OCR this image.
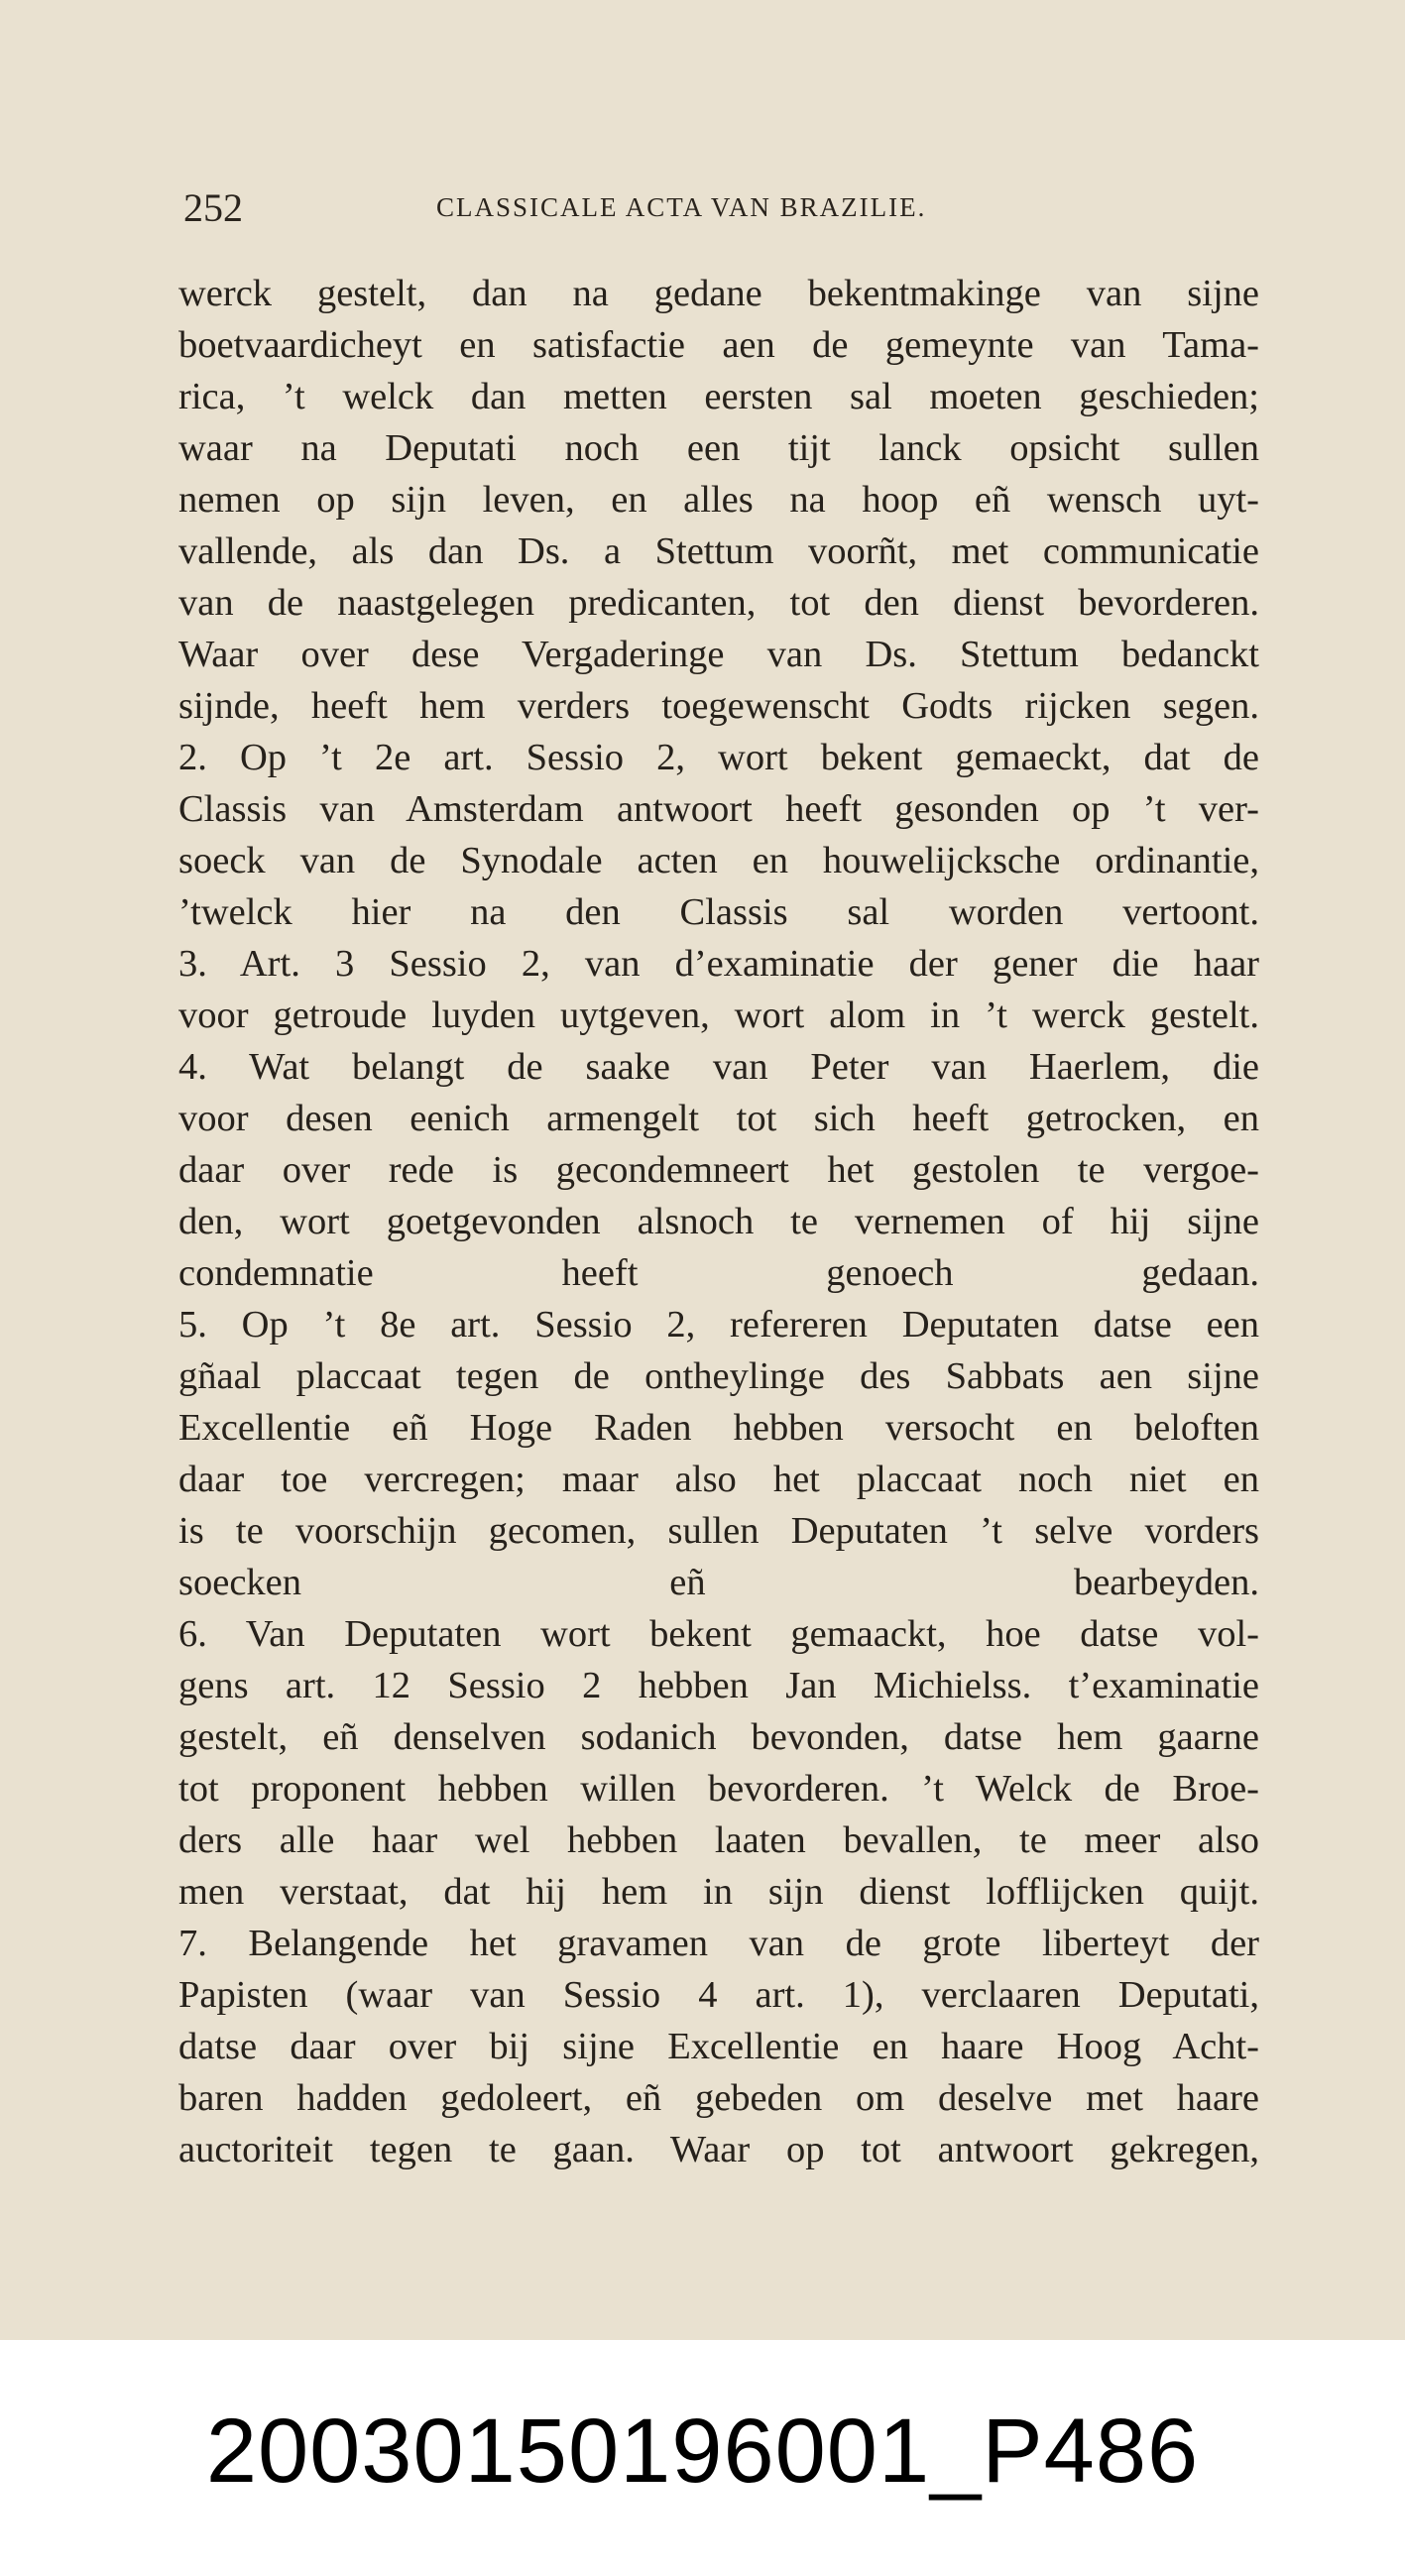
252	CLASSICALE ACTA VAN BRAZILIE.

werck gestelt, dan na gedane bekentmakinge van sijne

boetvaardicheyt en satisfactie aen de gemeynte van Tama-

rica, ’t welck dan metten eersten sal moeten geschieden;

waar na Deputati noch een tijt lanck opsicht sullen

nemen op sijn leven, en alles na hoop eñ wensch uyt-

vallende, als dan Ds. a Stettum voorñt, met communicatie

van de naastgelegen predicanten, tot den dienst bevorderen.

Waar over dese Vergaderinge van Ds. Stettum bedanckt

sijnde, heeft hem verders toegewenscht Godts rijcken segen.

2. Op ’t 2e art. Sessio 2, wort bekent gemaeckt, dat de

Classis van Amsterdam antwoort heeft gesonden op ’t ver-

soeck van de Synodale acten en houwelijcksche ordinantie,

’twelck hier na den Classis sal worden vertoont.

3. Art. 3 Sessio 2, van d’examinatie der gener die haar

voor getroude luyden uytgeven, wort alom in ’t werck gestelt.

4. Wat belangt de saake van Peter van Haerlem, die

voor desen eenich armengelt tot sich heeft getrocken, en

daar over rede is gecondemneert het gestolen te vergoe-

den, wort goetgevonden alsnoch te vernemen of hij sijne

condemnatie heeft genoech gedaan.

5. Op ’t 8e art. Sessio 2, refereren Deputaten datse een

gñaal placcaat tegen de ontheylinge des Sabbats aen sijne

Excellentie eñ Hoge Raden hebben versocht en beloften

daar toe vercregen; maar also het placcaat noch niet en

is te voorschijn gecomen, sullen Deputaten ’t selve vorders

soecken eñ bearbeyden.

6. Van Deputaten wort bekent gemaackt, hoe datse vol-

gens art. 12 Sessio 2 hebben Jan Michielss. t’examinatie

gestelt, eñ denselven sodanich bevonden, datse hem gaarne

tot proponent hebben willen bevorderen. ’t Welck de Broe-

ders alle haar wel hebben laaten bevallen, te meer also

men verstaat, dat hij hem in sijn dienst lofflijcken quijt.

7. Belangende het gravamen van de grote liberteyt der

Papisten (waar van Sessio 4 art. 1), verclaaren Deputati,

datse daar over bij sijne Excellentie en haare Hoog Acht-

baren hadden gedoleert, eñ gebeden om deselve met haare

auctoriteit tegen te gaan. Waar op tot antwoort gekregen,

20030150196001_P486
